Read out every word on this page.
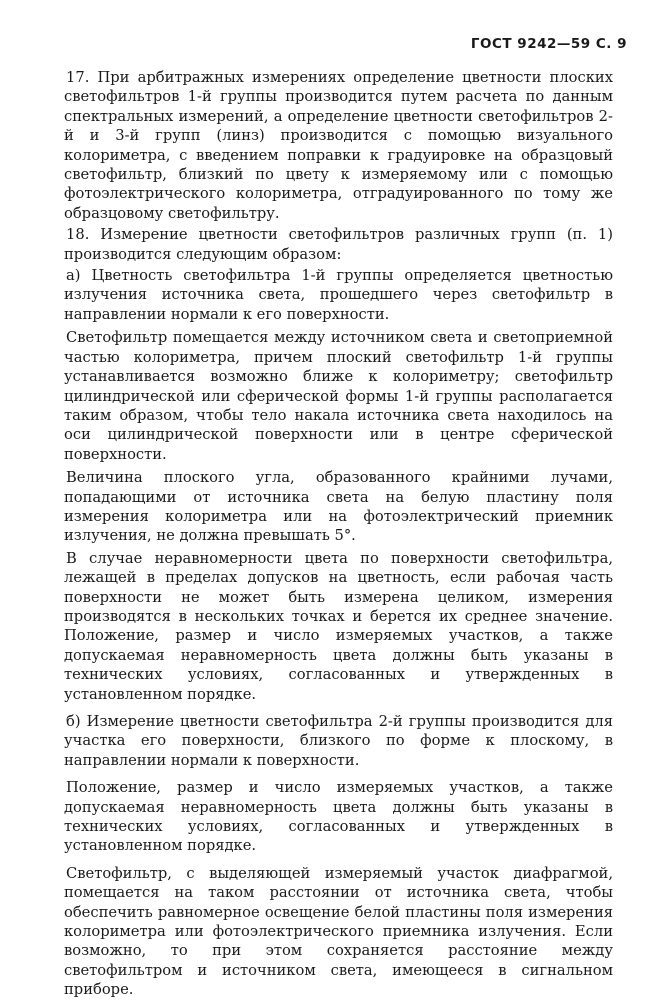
ГОСТ 9242—59 С. 9

17. При арбитражных измерениях определение цветности плоских светофильтров 1-й группы производится путем расчета по данным спектральных измерений, а определение цветности светофильтров 2-й и 3-й групп (линз) производится с помощью визуального колориметра, с введением поправки к градуировке на образцовый светофильтр, близкий по цвету к измеряемому или с помощью фотоэлектрического колориметра, отградуированного по тому же образцовому светофильтру.

18. Измерение цветности светофильтров различных групп (п. 1) производится следующим образом:

а) Цветность светофильтра 1-й группы определяется цветностью излучения источника света, прошедшего через светофильтр в направлении нормали к его поверхности.

Светофильтр помещается между источником света и светоприемной частью колориметра, причем плоский светофильтр 1-й группы устанавливается возможно ближе к колориметру; светофильтр цилиндрической или сферической формы 1-й группы располагается таким образом, чтобы тело накала источника света находилось на оси цилиндрической поверхности или в центре сферической поверхности.

Величина плоского угла, образованного крайними лучами, попадающими от источника света на белую пластину поля измерения колориметра или на фотоэлектрический приемник излучения, не должна превышать 5°.

В случае неравномерности цвета по поверхности светофильтра, лежащей в пределах допусков на цветность, если рабочая часть поверхности не может быть измерена целиком, измерения производятся в нескольких точках и берется их среднее значение. Положение, размер и число измеряемых участков, а также допускаемая неравномерность цвета должны быть указаны в технических условиях, согласованных и утвержденных в установленном порядке.

б) Измерение цветности светофильтра 2-й группы производится для участка его поверхности, близкого по форме к плоскому, в направлении нормали к поверхности.

Положение, размер и число измеряемых участков, а также допускаемая неравномерность цвета должны быть указаны в технических условиях, согласованных и утвержденных в установленном порядке.

Светофильтр, с выделяющей измеряемый участок диафрагмой, помещается на таком расстоянии от источника света, чтобы обеспечить равномерное освещение белой пластины поля измерения колориметра или фотоэлектрического приемника излучения. Если возможно, то при этом сохраняется расстояние между светофильтром и источником света, имеющееся в сигнальном приборе.
